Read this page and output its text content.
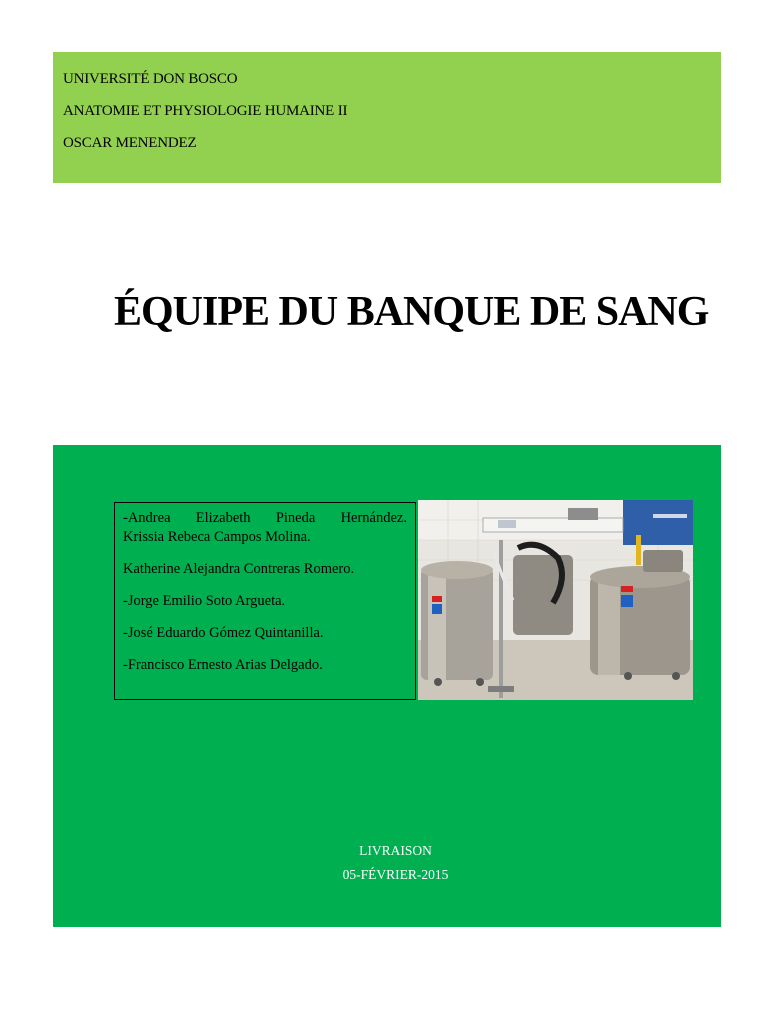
UNIVERSITÉ DON BOSCO
ANATOMIE ET PHYSIOLOGIE HUMAINE II
OSCAR MENENDEZ
ÉQUIPE DU BANQUE DE SANG
-Andrea Elizabeth Pineda Hernández.
Krissia Rebeca Campos Molina.
Katherine Alejandra Contreras Romero.
-Jorge Emilio Soto Argueta.
-José Eduardo Gómez Quintanilla.
-Francisco Ernesto Arias Delgado.
LIVRAISON
05-FÉVRIER-2015
